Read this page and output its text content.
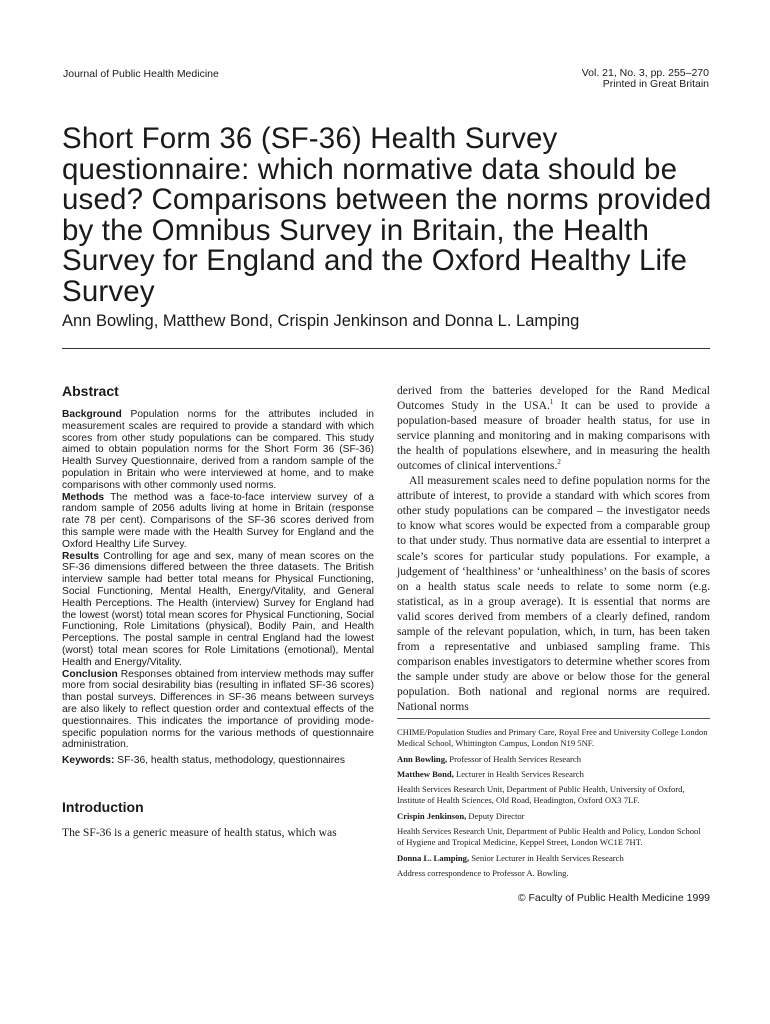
Journal of Public Health Medicine	Vol. 21, No. 3, pp. 255–270
Printed in Great Britain
Short Form 36 (SF-36) Health Survey questionnaire: which normative data should be used? Comparisons between the norms provided by the Omnibus Survey in Britain, the Health Survey for England and the Oxford Healthy Life Survey
Ann Bowling, Matthew Bond, Crispin Jenkinson and Donna L. Lamping
Abstract

Background Population norms for the attributes included in measurement scales are required to provide a standard with which scores from other study populations can be compared. This study aimed to obtain population norms for the Short Form 36 (SF-36) Health Survey Questionnaire, derived from a random sample of the population in Britain who were interviewed at home, and to make comparisons with other commonly used norms.
Methods The method was a face-to-face interview survey of a random sample of 2056 adults living at home in Britain (response rate 78 per cent). Comparisons of the SF-36 scores derived from this sample were made with the Health Survey for England and the Oxford Healthy Life Survey.
Results Controlling for age and sex, many of mean scores on the SF-36 dimensions differed between the three datasets. The British interview sample had better total means for Physical Functioning, Social Functioning, Mental Health, Energy/Vitality, and General Health Perceptions. The Health (interview) Survey for England had the lowest (worst) total mean scores for Physical Functioning, Social Functioning, Role Limitations (physical), Bodily Pain, and Health Perceptions. The postal sample in central England had the lowest (worst) total mean scores for Role Limitations (emotional), Mental Health and Energy/Vitality.
Conclusion Responses obtained from interview methods may suffer more from social desirability bias (resulting in inflated SF-36 scores) than postal surveys. Differences in SF-36 means between surveys are also likely to reflect question order and contextual effects of the questionnaires. This indicates the importance of providing mode-specific population norms for the various methods of questionnaire administration.

Keywords: SF-36, health status, methodology, questionnaires

Introduction

The SF-36 is a generic measure of health status, which was

derived from the batteries developed for the Rand Medical Outcomes Study in the USA.$^1$ It can be used to provide a population-based measure of broader health status, for use in service planning and monitoring and in making comparisons with the health of populations elsewhere, and in measuring the health outcomes of clinical interventions.$^2$

All measurement scales need to define population norms for the attribute of interest, to provide a standard with which scores from other study populations can be compared – the investigator needs to know what scores would be expected from a comparable group to that under study. Thus normative data are essential to interpret a scale’s scores for particular study populations. For example, a judgement of ‘healthiness’ or ‘unhealthiness’ on the basis of scores on a health status scale needs to relate to some norm (e.g. statistical, as in a group average). It is essential that norms are valid scores derived from members of a clearly defined, random sample of the relevant population, which, in turn, has been taken from a representative and unbiased sampling frame. This comparison enables investigators to determine whether scores from the sample under study are above or below those for the general population. Both national and regional norms are required. National norms

CHIME/Population Studies and Primary Care, Royal Free and University College London Medical School, Whittington Campus, London N19 5NF.

Ann Bowling, Professor of Health Services Research

Matthew Bond, Lecturer in Health Services Research

Health Services Research Unit, Department of Public Health, University of Oxford, Institute of Health Sciences, Old Road, Headington, Oxford OX3 7LF.

Crispin Jenkinson, Deputy Director

Health Services Research Unit, Department of Public Health and Policy, London School of Hygiene and Tropical Medicine, Keppel Street, London WC1E 7HT.

Donna L. Lamping, Senior Lecturer in Health Services Research

Address correspondence to Professor A. Bowling.

© Faculty of Public Health Medicine 1999
